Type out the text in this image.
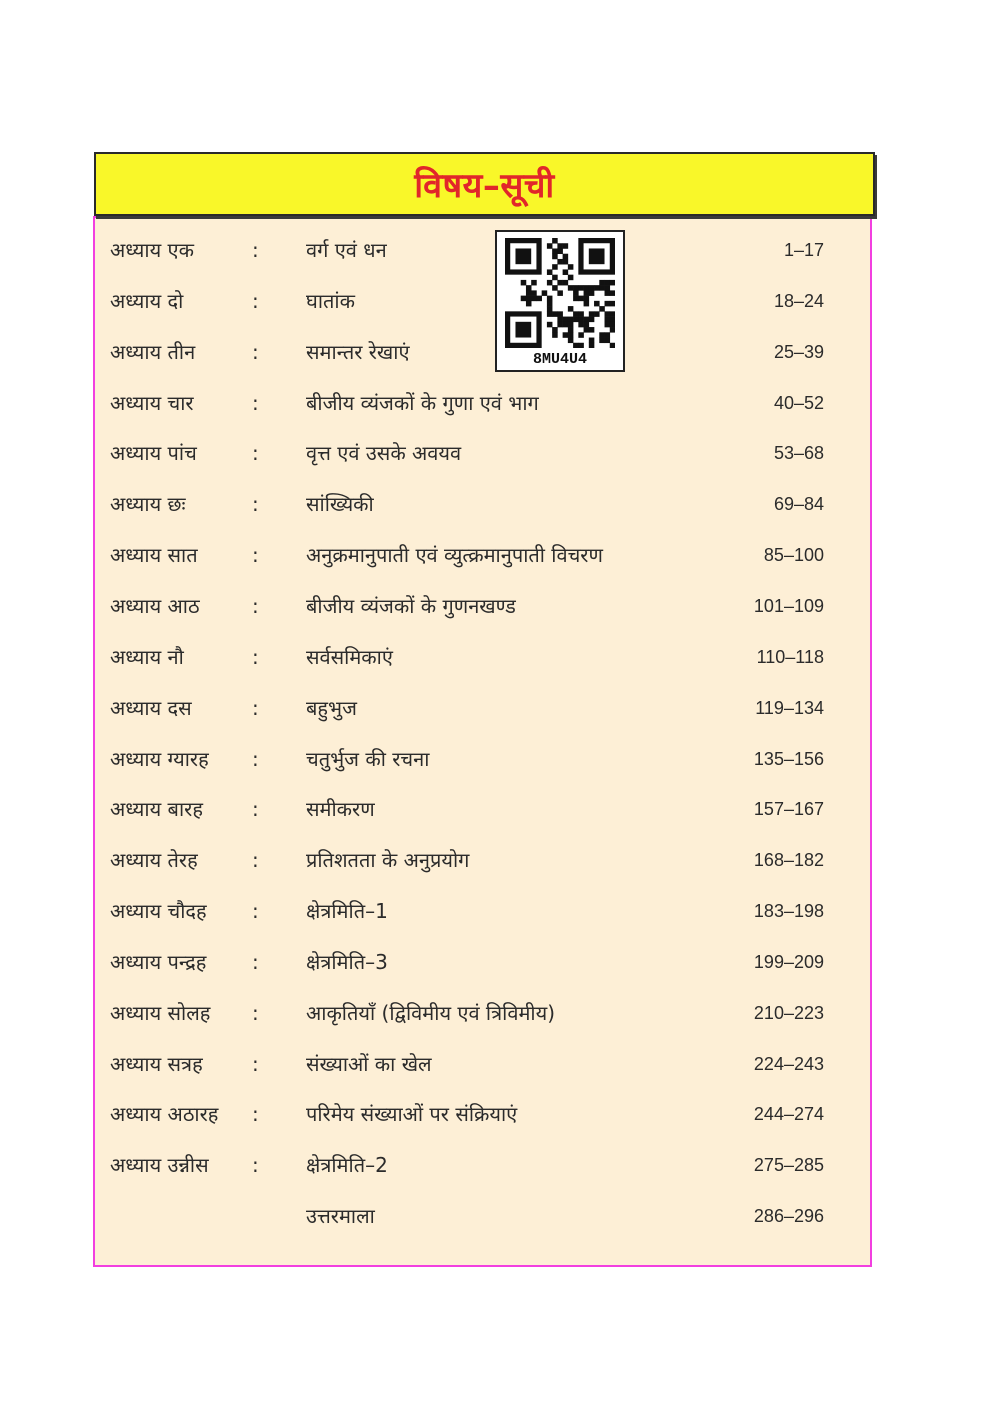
विषय–सूची
अध्याय एक	: वर्ग एवं धन	1–17
अध्याय दो	: घातांक	18–24
अध्याय तीन	: समान्तर रेखाएं	25–39
अध्याय चार	: बीजीय व्यंजकों के गुणा एवं भाग	40–52
अध्याय पांच	: वृत्त एवं उसके अवयव	53–68
अध्याय छः	: सांख्यिकी	69–84
अध्याय सात	: अनुक्रमानुपाती एवं व्युत्क्रमानुपाती विचरण	85–100
अध्याय आठ	: बीजीय व्यंजकों के गुणनखण्ड	101–109
अध्याय नौ	: सर्वसमिकाएं	110–118
अध्याय दस	: बहुभुज	119–134
अध्याय ग्यारह : चतुर्भुज की रचना	135–156
अध्याय बारह : समीकरण	157–167
अध्याय तेरह	: प्रतिशतता के अनुप्रयोग	168–182
अध्याय चौदह : क्षेत्रमिति–1	183–198
अध्याय पन्द्रह : क्षेत्रमिति–3	199–209
अध्याय सोलह : आकृतियाँ (द्विविमीय एवं त्रिविमीय)	210–223
अध्याय सत्रह : संख्याओं का खेल	224–243
अध्याय अठारह : परिमेय संख्याओं पर संक्रियाएं	244–274
अध्याय उन्नीस : क्षेत्रमिति–2	275–285
उत्तरमाला	286–296
8MU4U4
